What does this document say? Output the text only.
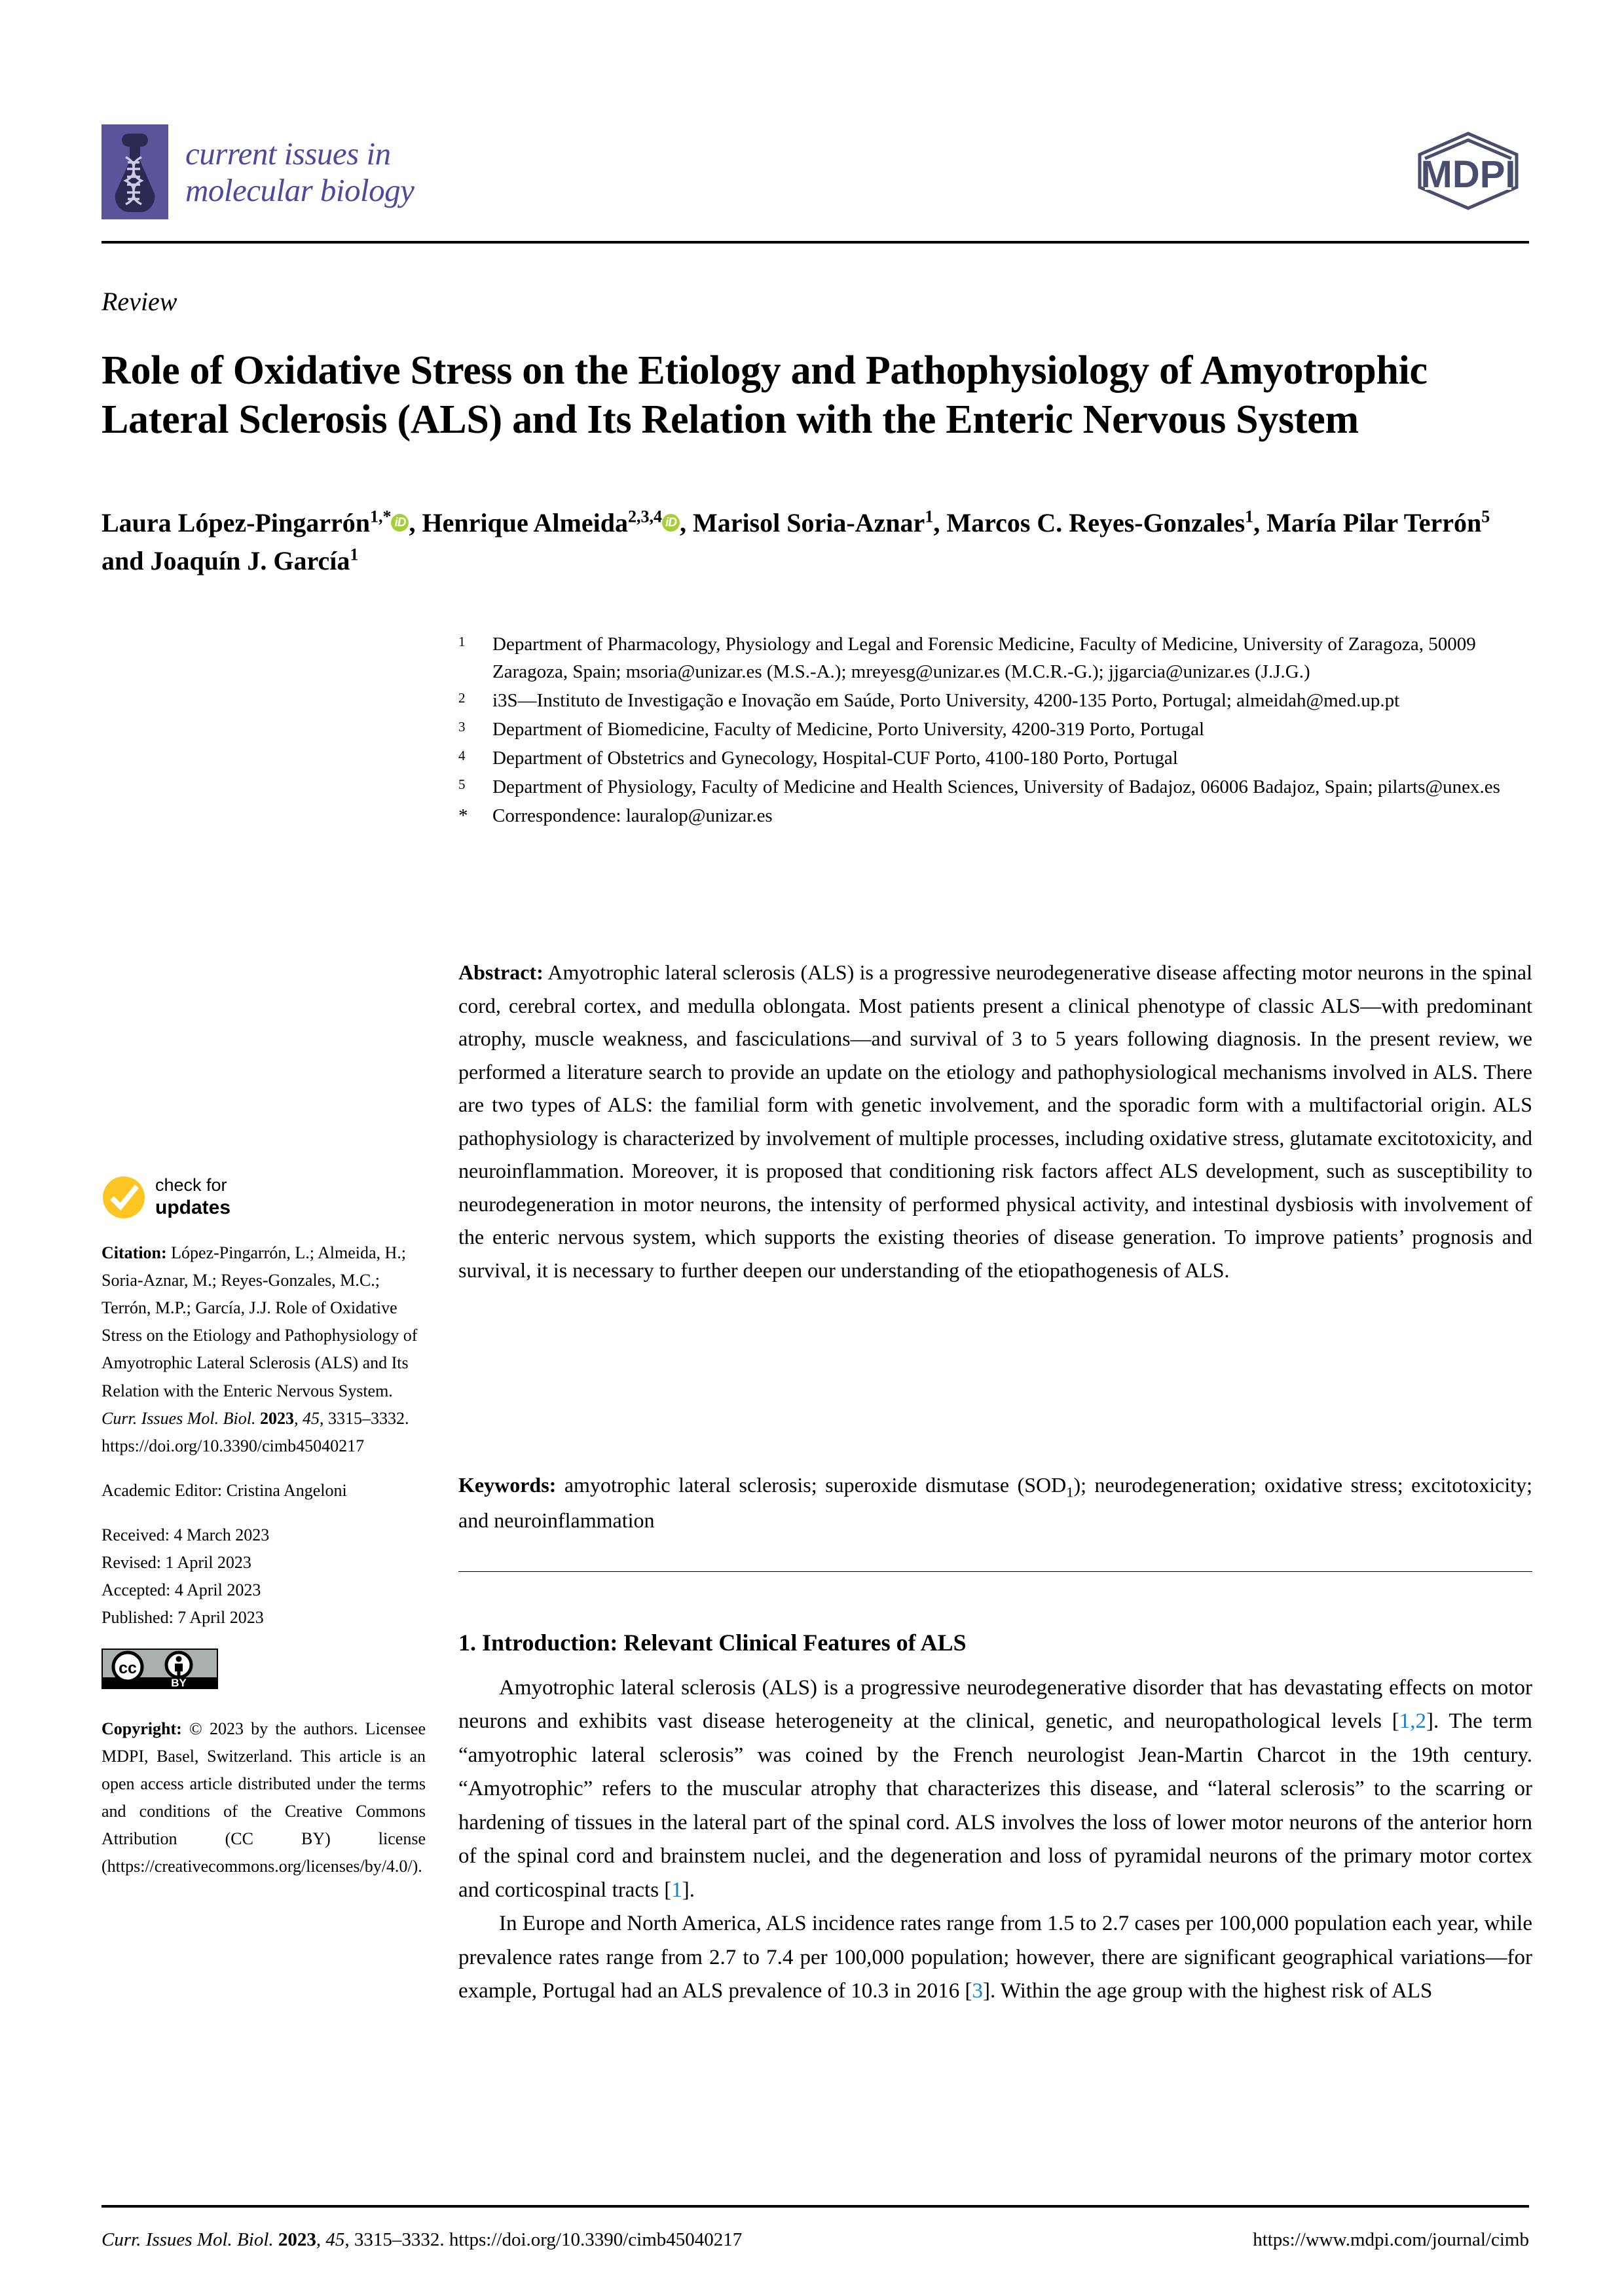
current issues in
molecular biology	MDPI
Review
Role of Oxidative Stress on the Etiology and Pathophysiology of Amyotrophic Lateral Sclerosis (ALS) and Its Relation with the Enteric Nervous System
Laura López-Pingarrón$^{1,*}$ iD , Henrique Almeida$^{2,3,4}$ iD , Marisol Soria-Aznar$^1$, Marcos C. Reyes-Gonzales$^1$, María Pilar Terrón$^5$ and Joaquín J. García$^1$
1	Department of Pharmacology, Physiology and Legal and Forensic Medicine, Faculty of Medicine, University of Zaragoza, 50009 Zaragoza, Spain; msoria@unizar.es (M.S.-A.); mreyesg@unizar.es (M.C.R.-G.); jjgarcia@unizar.es (J.J.G.)
2	i3S—Instituto de Investigação e Inovação em Saúde, Porto University, 4200-135 Porto, Portugal; almeidah@med.up.pt
3	Department of Biomedicine, Faculty of Medicine, Porto University, 4200-319 Porto, Portugal
4	Department of Obstetrics and Gynecology, Hospital-CUF Porto, 4100-180 Porto, Portugal
5	Department of Physiology, Faculty of Medicine and Health Sciences, University of Badajoz, 06006 Badajoz, Spain; pilarts@unex.es
*	Correspondence: lauralop@unizar.es
Abstract: Amyotrophic lateral sclerosis (ALS) is a progressive neurodegenerative disease affecting motor neurons in the spinal cord, cerebral cortex, and medulla oblongata. Most patients present a clinical phenotype of classic ALS—with predominant atrophy, muscle weakness, and fasciculations—and survival of 3 to 5 years following diagnosis. In the present review, we performed a literature search to provide an update on the etiology and pathophysiological mechanisms involved in ALS. There are two types of ALS: the familial form with genetic involvement, and the sporadic form with a multifactorial origin. ALS pathophysiology is characterized by involvement of multiple processes, including oxidative stress, glutamate excitotoxicity, and neuroinflammation. Moreover, it is proposed that conditioning risk factors affect ALS development, such as susceptibility to neurodegeneration in motor neurons, the intensity of performed physical activity, and intestinal dysbiosis with involvement of the enteric nervous system, which supports the existing theories of disease generation. To improve patients’ prognosis and survival, it is necessary to further deepen our understanding of the etiopathogenesis of ALS.
Keywords: amyotrophic lateral sclerosis; superoxide dismutase $(SOD_1)$; neurodegeneration; oxidative stress; excitotoxicity; and neuroinflammation
1. Introduction: Relevant Clinical Features of ALS

Amyotrophic lateral sclerosis (ALS) is a progressive neurodegenerative disorder that has devastating effects on motor neurons and exhibits vast disease heterogeneity at the clinical, genetic, and neuropathological levels [1,2]. The term “amyotrophic lateral sclerosis” was coined by the French neurologist Jean-Martin Charcot in the 19th century. “Amyotrophic” refers to the muscular atrophy that characterizes this disease, and “lateral sclerosis” to the scarring or hardening of tissues in the lateral part of the spinal cord. ALS involves the loss of lower motor neurons of the anterior horn of the spinal cord and brainstem nuclei, and the degeneration and loss of pyramidal neurons of the primary motor cortex and corticospinal tracts [1].

In Europe and North America, ALS incidence rates range from 1.5 to 2.7 cases per 100,000 population each year, while prevalence rates range from 2.7 to 7.4 per 100,000 population; however, there are significant geographical variations—for example, Portugal had an ALS prevalence of 10.3 in 2016 [3]. Within the age group with the highest risk of ALS

check for
updates
Citation: López-Pingarrón, L.; Almeida, H.; Soria-Aznar, M.; Reyes-Gonzales, M.C.; Terrón, M.P.; García, J.J. Role of Oxidative Stress on the Etiology and Pathophysiology of Amyotrophic Lateral Sclerosis (ALS) and Its Relation with the Enteric Nervous System. Curr. Issues Mol. Biol. 2023, 45, 3315–3332. https://doi.org/10.3390/cimb45040217
Academic Editor: Cristina Angeloni
Received: 4 March 2023
Revised: 1 April 2023
Accepted: 4 April 2023
Published: 7 April 2023
cc
BY
Copyright: © 2023 by the authors. Licensee MDPI, Basel, Switzerland. This article is an open access article distributed under the terms and conditions of the Creative Commons Attribution (CC BY) license (https://creativecommons.org/licenses/by/4.0/).
Curr. Issues Mol. Biol. 2023, 45, 3315–3332. https://doi.org/10.3390/cimb45040217	https://www.mdpi.com/journal/cimb
